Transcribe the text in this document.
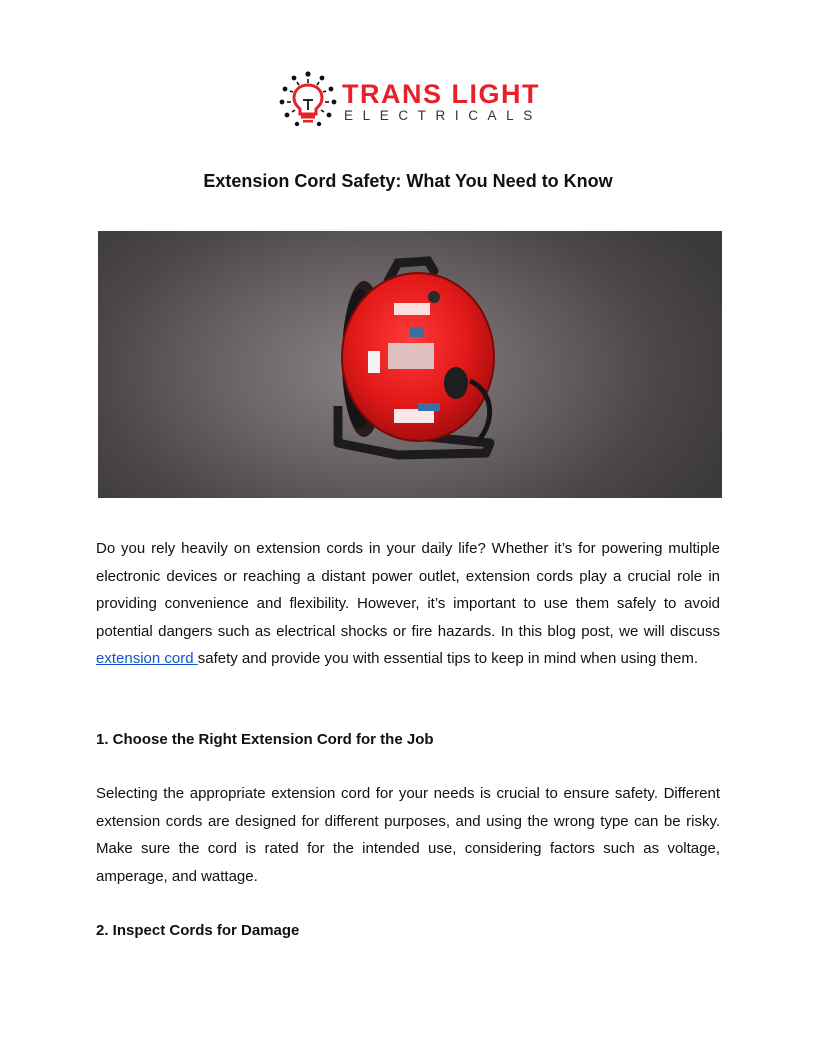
TRANS LIGHT
ELECTRICALS
Extension Cord Safety: What You Need to Know

Do you rely heavily on extension cords in your daily life? Whether it’s for powering multiple electronic devices or reaching a distant power outlet, extension cords play a crucial role in providing convenience and flexibility. However, it’s important to use them safely to avoid potential dangers such as electrical shocks or fire hazards. In this blog post, we will discuss extension cord safety and provide you with essential tips to keep in mind when using them.

1. Choose the Right Extension Cord for the Job

Selecting the appropriate extension cord for your needs is crucial to ensure safety. Different extension cords are designed for different purposes, and using the wrong type can be risky. Make sure the cord is rated for the intended use, considering factors such as voltage, amperage, and wattage.

2. Inspect Cords for Damage
